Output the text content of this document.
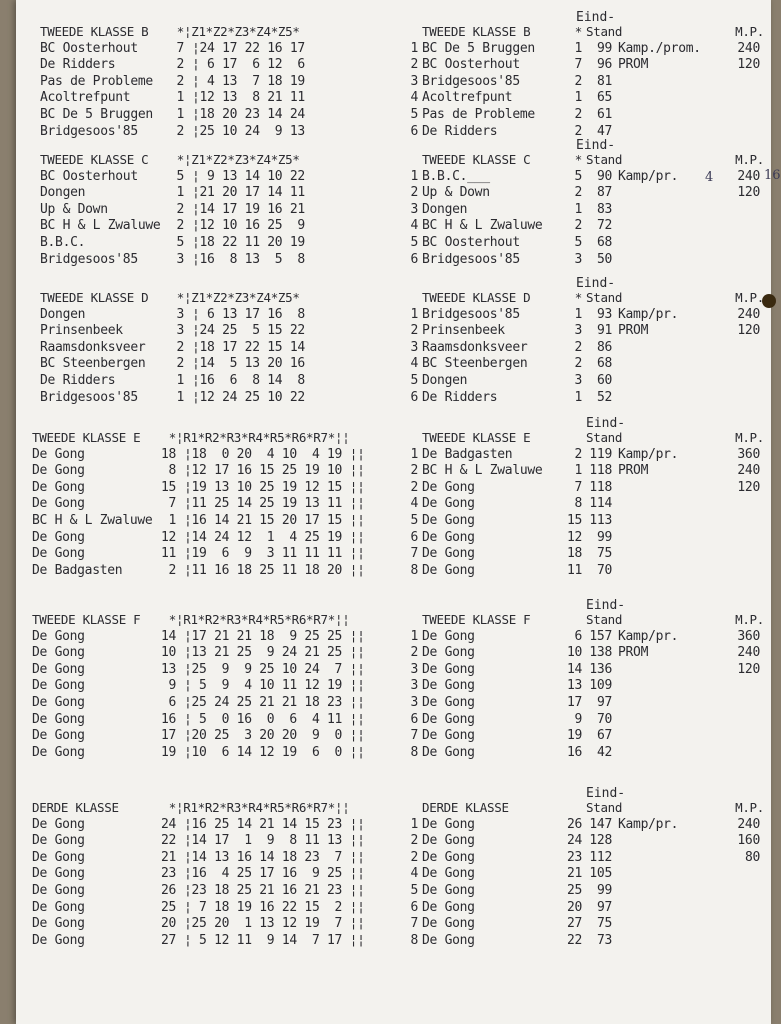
4	16
Eind-
TWEEDE KLASSE B *¦Z1*Z2*Z3*Z4*Z5*
BC Oosterhout	7 ¦24 17 22 16 17
De Ridders	2 ¦ 6 17  6 12  6
Pas de Probleme 2 ¦ 4 13  7 18 19
Acoltrefpunt	1 ¦12 13  8 21 11
BC De 5 Bruggen 1 ¦18 20 23 14 24
Bridgesoos'85	2 ¦25 10 24  9 13
TWEEDE KLASSE B	* Stand	M.P.
1 BC De 5 Bruggen	1 99 Kamp./prom.	240
2 BC Oosterhout	7 96 PROM	120
3 Bridgesoos'85	2 81
4 Acoltrefpunt	1 65
5 Pas de Probleme	2 61
6 De Ridders	2 47
Eind-
TWEEDE KLASSE C *¦Z1*Z2*Z3*Z4*Z5*
BC Oosterhout	5 ¦ 9 13 14 10 22
Dongen	1 ¦21 20 17 14 11
Up & Down	2 ¦14 17 19 16 21
BC H & L Zwaluwe 2 ¦12 10 16 25  9
B.B.C.	5 ¦18 22 11 20 19
Bridgesoos'85	3 ¦16  8 13  5  8
TWEEDE KLASSE C	* Stand	M.P.
1 B.B.C.___	5 90 Kamp/pr.	240
2 Up & Down	2 87	120
3 Dongen	1 83
4 BC H & L Zwaluwe 2 72
5 BC Oosterhout	5 68
6 Bridgesoos'85	3 50
Eind-
TWEEDE KLASSE D *¦Z1*Z2*Z3*Z4*Z5*
Dongen	3 ¦ 6 13 17 16  8
Prinsenbeek	3 ¦24 25  5 15 22
Raamsdonksveer 2 ¦18 17 22 15 14
BC Steenbergen 2 ¦14  5 13 20 16
De Ridders	1 ¦16  6  8 14  8
Bridgesoos'85	1 ¦12 24 25 10 22
TWEEDE KLASSE D	* Stand	M.P.
1 Bridgesoos'85	1 93 Kamp/pr.	240
2 Prinsenbeek	3 91 PROM	120
3 Raamsdonksveer	2 86
4 BC Steenbergen	2 68
5 Dongen	3 60
6 De Ridders	1 52
Eind-
TWEEDE KLASSE E *¦R1*R2*R3*R4*R5*R6*R7*¦¦
De Gong	18 ¦18  0 20  4 10  4 19 ¦¦
De Gong	8 ¦12 17 16 15 25 19 10 ¦¦
De Gong	15 ¦19 13 10 25 19 12 15 ¦¦
De Gong	7 ¦11 25 14 25 19 13 11 ¦¦
BC H & L Zwaluwe 1 ¦16 14 21 15 20 17 15 ¦¦
De Gong	12 ¦14 24 12  1  4 25 19 ¦¦
De Gong	11 ¦19  6  9  3 11 11 11 ¦¦
De Badgasten	2 ¦11 16 18 25 11 18 20 ¦¦
TWEEDE KLASSE E	Stand	M.P.
1 De Badgasten	2 119 Kamp/pr.	360
2 BC H & L Zwaluwe 1 118 PROM	240
2 De Gong	7 118	120
4 De Gong	8 114
5 De Gong	15 113
6 De Gong	12 99
7 De Gong	18 75
8 De Gong	11 70
Eind-
TWEEDE KLASSE F *¦R1*R2*R3*R4*R5*R6*R7*¦¦
De Gong	14 ¦17 21 21 18  9 25 25 ¦¦
De Gong	10 ¦13 21 25  9 24 21 25 ¦¦
De Gong	13 ¦25  9  9 25 10 24  7 ¦¦
De Gong	9 ¦ 5  9  4 10 11 12 19 ¦¦
De Gong	6 ¦25 24 25 21 21 18 23 ¦¦
De Gong	16 ¦ 5  0 16  0  6  4 11 ¦¦
De Gong	17 ¦20 25  3 20 20  9  0 ¦¦
De Gong	19 ¦10  6 14 12 19  6  0 ¦¦
TWEEDE KLASSE F	Stand	M.P.
1 De Gong	6 157 Kamp/pr.	360
2 De Gong	10 138 PROM	240
3 De Gong	14 136	120
3 De Gong	13 109
3 De Gong	17 97
6 De Gong	9 70
7 De Gong	19 67
8 De Gong	16 42
Eind-
DERDE KLASSE	*¦R1*R2*R3*R4*R5*R6*R7*¦¦
De Gong	24 ¦16 25 14 21 14 15 23 ¦¦
De Gong	22 ¦14 17  1  9  8 11 13 ¦¦
De Gong	21 ¦14 13 16 14 18 23  7 ¦¦
De Gong	23 ¦16  4 25 17 16  9 25 ¦¦
De Gong	26 ¦23 18 25 21 16 21 23 ¦¦
De Gong	25 ¦ 7 18 19 16 22 15  2 ¦¦
De Gong	20 ¦25 20  1 13 12 19  7 ¦¦
De Gong	27 ¦ 5 12 11  9 14  7 17 ¦¦
DERDE KLASSE	Stand	M.P.
1 De Gong	26 147 Kamp/pr.	240
2 De Gong	24 128	160
2 De Gong	23 112	80
4 De Gong	21 105
5 De Gong	25 99
6 De Gong	20 97
7 De Gong	27 75
8 De Gong	22 73
